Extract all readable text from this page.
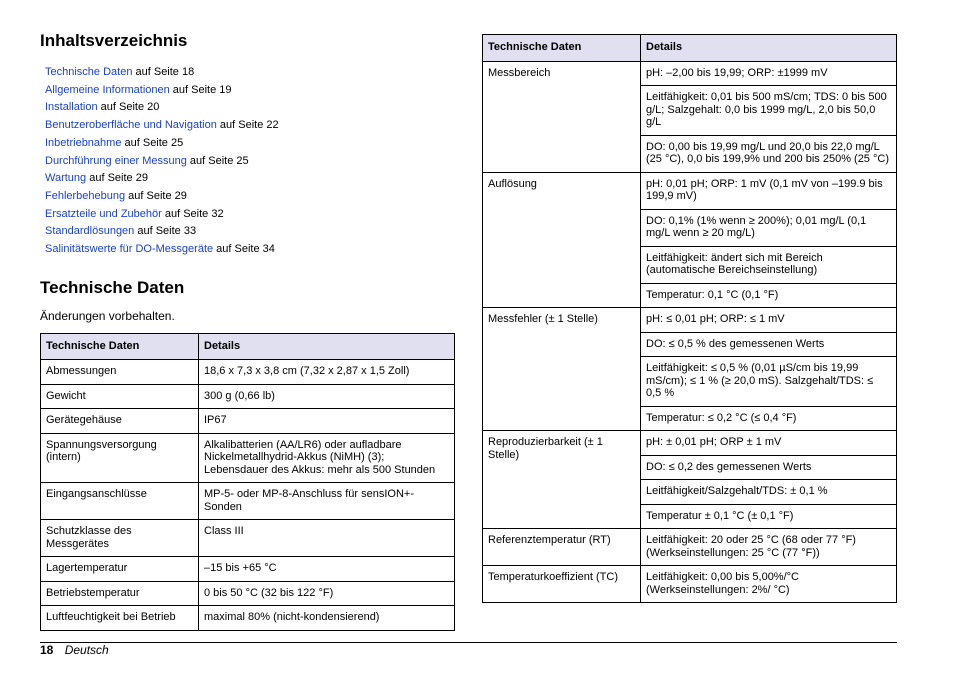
Inhaltsverzeichnis
Technische Daten auf Seite 18
Allgemeine Informationen auf Seite 19
Installation auf Seite 20
Benutzeroberfläche und Navigation auf Seite 22
Inbetriebnahme auf Seite 25
Durchführung einer Messung auf Seite 25
Wartung auf Seite 29
Fehlerbehebung auf Seite 29
Ersatzteile und Zubehör auf Seite 32
Standardlösungen auf Seite 33
Salinitätswerte für DO-Messgeräte auf Seite 34
Technische Daten

Änderungen vorbehalten.

Technische Daten	Details
Abmessungen	18,6 x 7,3 x 3,8 cm (7,32 x 2,87 x 1,5 Zoll)
Gewicht	300 g (0,66 lb)
Gerätegehäuse	IP67
Spannungsversorgung (intern)	Alkalibatterien (AA/LR6) oder aufladbare Nickelmetallhydrid-Akkus (NiMH) (3); Lebensdauer des Akkus: mehr als 500 Stunden
Eingangsanschlüsse	MP-5- oder MP-8-Anschluss für sensION+-Sonden
Schutzklasse des Messgerätes	Class III
Lagertemperatur	–15 bis +65 °C
Betriebstemperatur	0 bis 50 °C (32 bis 122 °F)
Luftfeuchtigkeit bei Betrieb	maximal 80% (nicht-kondensierend)
Technische Daten	Details
Messbereich	pH: –2,00 bis 19,99; ORP: ±1999 mV
	Leitfähigkeit: 0,01 bis 500 mS/cm; TDS: 0 bis 500 g/L; Salzgehalt: 0,0 bis 1999 mg/L, 2,0 bis 50,0 g/L
	DO: 0,00 bis 19,99 mg/L und 20,0 bis 22,0 mg/L (25 °C), 0,0 bis 199,9% und 200 bis 250% (25 °C)
Auflösung	pH: 0,01 pH; ORP: 1 mV (0,1 mV von –199.9 bis 199,9 mV)
	DO: 0,1% (1% wenn ≥ 200%); 0,01 mg/L (0,1 mg/L wenn ≥ 20 mg/L)
	Leitfähigkeit: ändert sich mit Bereich (automatische Bereichseinstellung)
	Temperatur: 0,1 °C (0,1 °F)
Messfehler (± 1 Stelle)	pH: ≤ 0,01 pH; ORP: ≤ 1 mV
	DO: ≤ 0,5 % des gemessenen Werts
	Leitfähigkeit: ≤ 0,5 % (0,01 µS/cm bis 19,99 mS/cm); ≤ 1 % (≥ 20,0 mS). Salzgehalt/TDS: ≤ 0,5 %
	Temperatur: ≤ 0,2 °C (≤ 0,4 °F)
Reproduzierbarkeit (± 1 Stelle)	pH: ± 0,01 pH; ORP ± 1 mV
	DO: ≤ 0,2 des gemessenen Werts
	Leitfähigkeit/Salzgehalt/TDS: ± 0,1 %
	Temperatur ± 0,1 °C (± 0,1 °F)
Referenztemperatur (RT)	Leitfähigkeit: 20 oder 25 °C (68 oder 77 °F) (Werkseinstellungen: 25 °C (77 °F))
Temperaturkoeffizient (TC)	Leitfähigkeit: 0,00 bis 5,00%/°C (Werkseinstellungen: 2%/ °C)
18 Deutsch
